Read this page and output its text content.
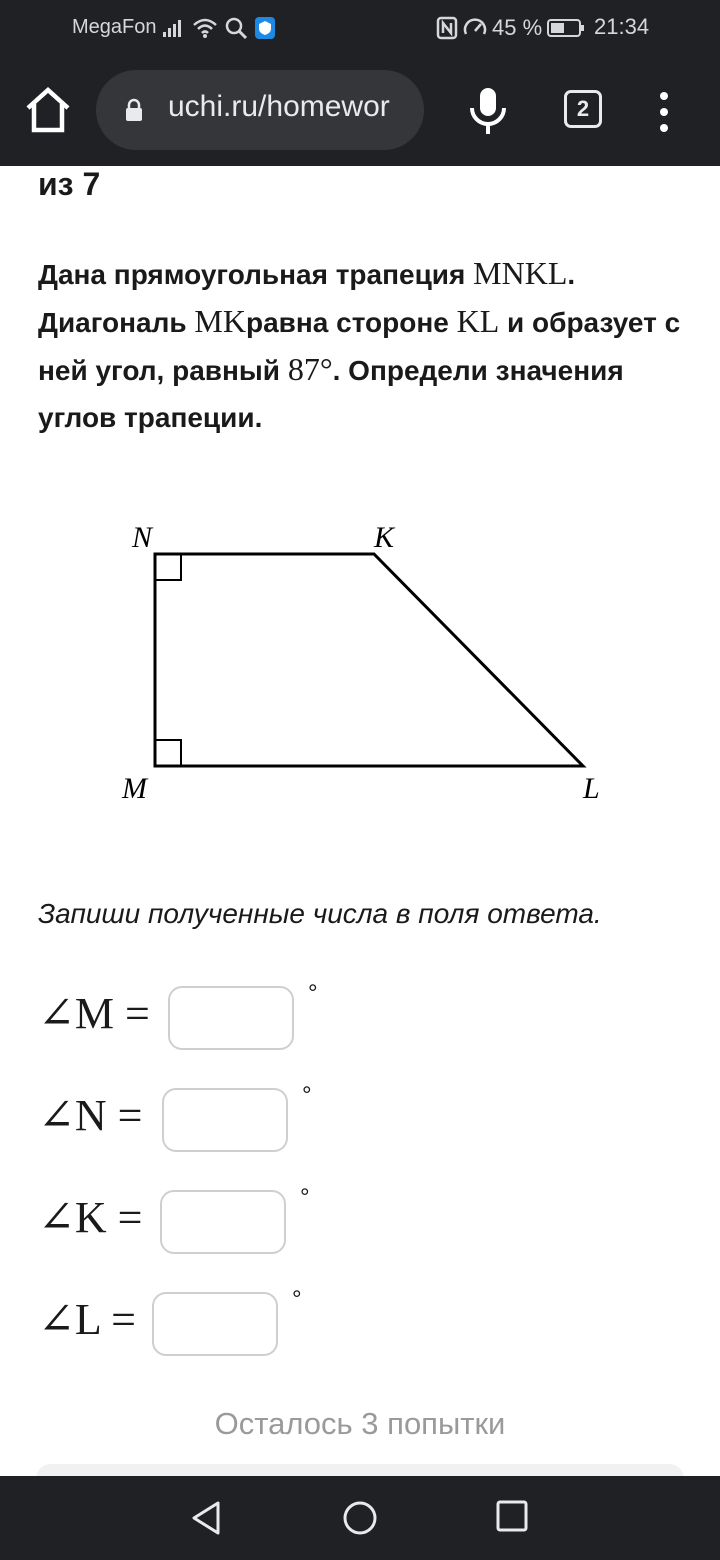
MegaFon	45 % 21:34
uchi.ru/homewor	2
из 7
Дана прямоугольная трапеция MNKL. Диагональ MKравна стороне KL и образует с ней угол, равный 87°. Определи значения углов трапеции.
N	K
M	L
Запиши полученные числа в поля ответа.
∠M =	°
∠N =	°
∠K =	°
∠L =	°
Осталось 3 попытки
